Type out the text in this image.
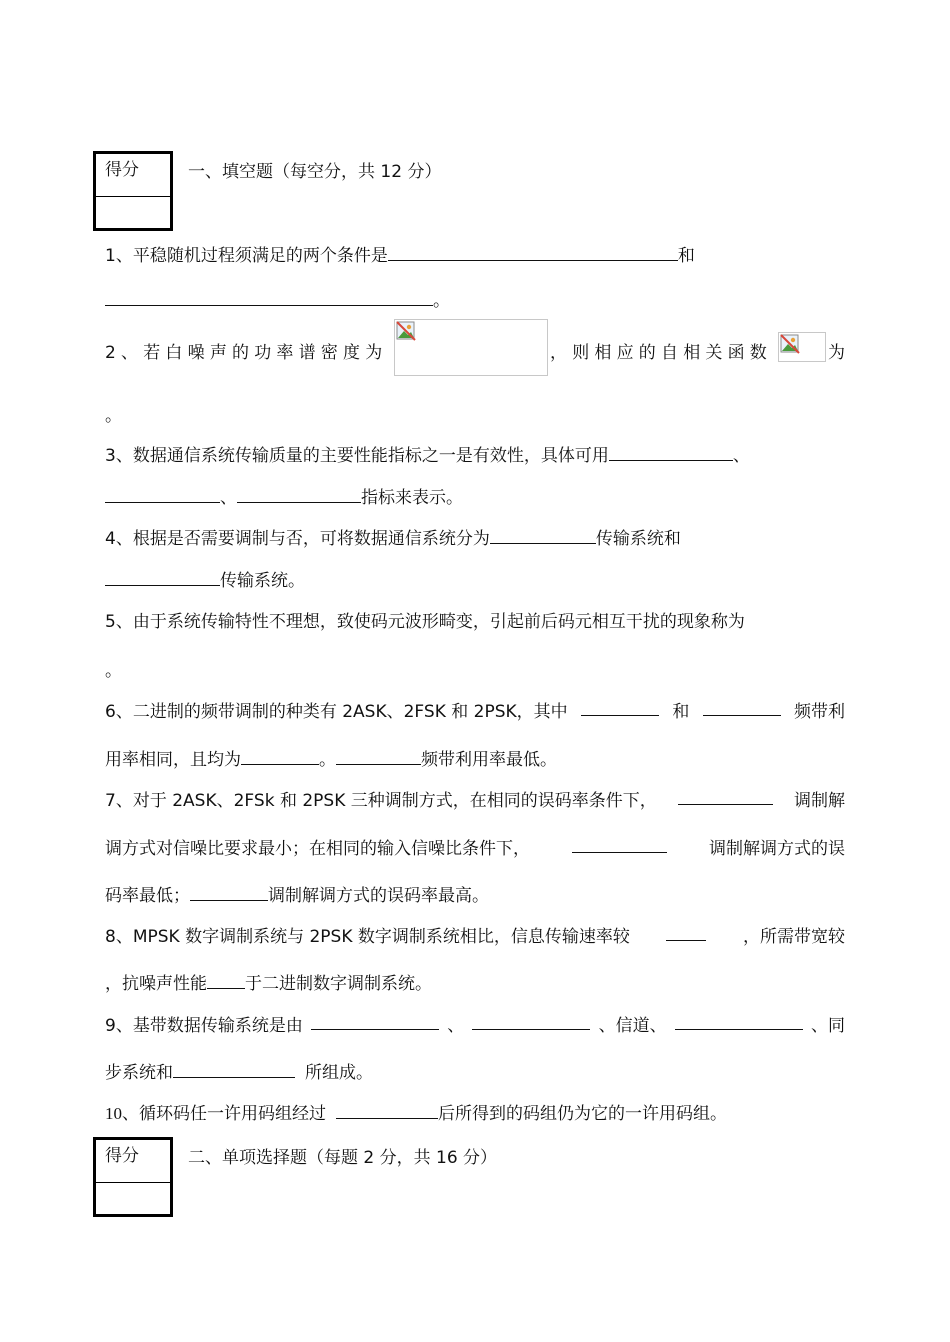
得分	一、填空题（每空分，共 12 分）
1、平稳随机过程须满足的两个条件是	和
。
2、若白噪声的功率谱密度为	，则相应的自相关函数	为
。
3、数据通信系统传输质量的主要性能指标之一是有效性，具体可用	、
、	指标来表示。
4、根据是否需要调制与否，可将数据通信系统分为	传输系统和
传输系统。
5、由于系统传输特性不理想，致使码元波形畸变，引起前后码元相互干扰的现象称为
。
6、二进制的频带调制的种类有 2ASK、2FSK 和 2PSK，其中	和	频带利
用率相同，且均为	。	频带利用率最低。
7、对于 2ASK、2FSk 和 2PSK 三种调制方式，在相同的误码率条件下，	调制解
调方式对信噪比要求最小；在相同的输入信噪比条件下，	调制解调方式的误
码率最低；	调制解调方式的误码率最高。
8、MPSK 数字调制系统与 2PSK 数字调制系统相比，信息传输速率较	，所需带宽较
，抗噪声性能 于二进制数字调制系统。
9、基带数据传输系统是由	、	、信道、	、同
步系统和	所组成。
10、循环码任一许用码组经过	后所得到的码组仍为它的一许用码组。
得分	二、单项选择题（每题 2 分，共 16 分）
